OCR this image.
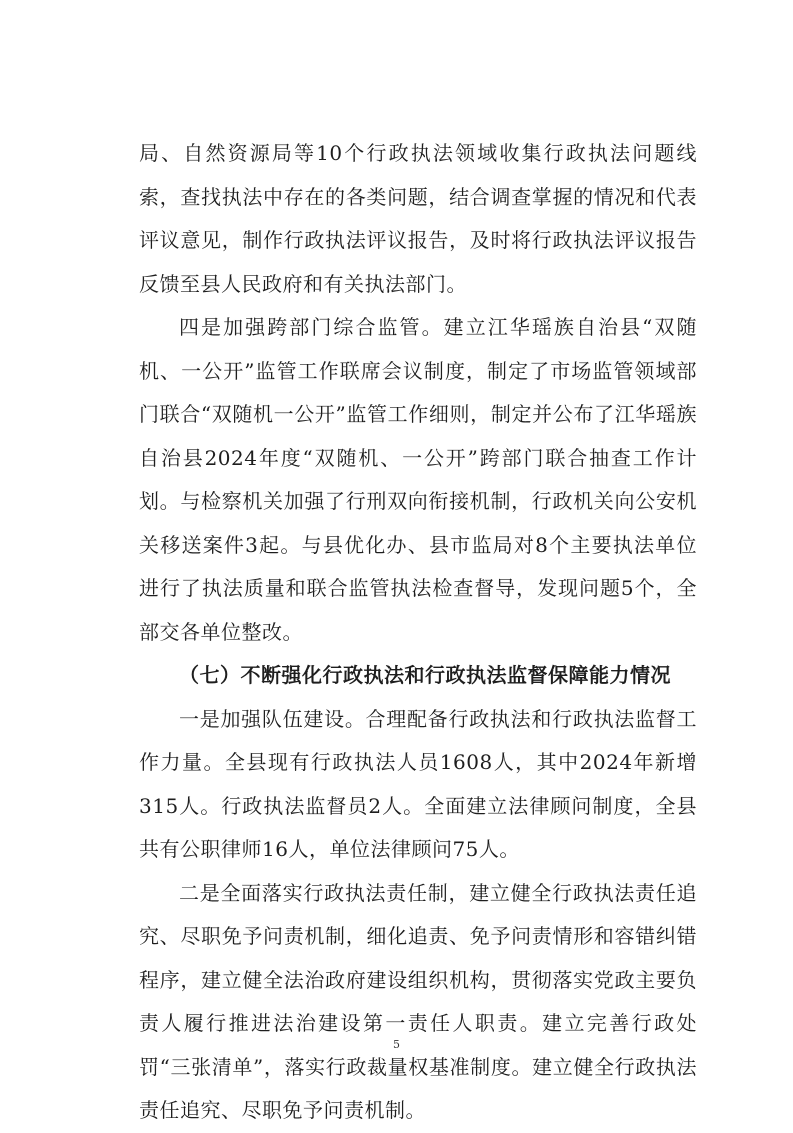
局、自然资源局等10个行政执法领域收集行政执法问题线索，查找执法中存在的各类问题，结合调查掌握的情况和代表评议意见，制作行政执法评议报告，及时将行政执法评议报告反馈至县人民政府和有关执法部门。

四是加强跨部门综合监管。建立江华瑶族自治县“双随机、一公开”监管工作联席会议制度，制定了市场监管领域部门联合“双随机一公开”监管工作细则，制定并公布了江华瑶族自治县2024年度“双随机、一公开”跨部门联合抽查工作计划。与检察机关加强了行刑双向衔接机制，行政机关向公安机关移送案件3起。与县优化办、县市监局对8个主要执法单位进行了执法质量和联合监管执法检查督导，发现问题5个，全部交各单位整改。

（七）不断强化行政执法和行政执法监督保障能力情况

一是加强队伍建设。合理配备行政执法和行政执法监督工作力量。全县现有行政执法人员1608人，其中2024年新增315人。行政执法监督员2人。全面建立法律顾问制度，全县共有公职律师16人，单位法律顾问75人。

二是全面落实行政执法责任制，建立健全行政执法责任追究、尽职免予问责机制，细化追责、免予问责情形和容错纠错程序，建立健全法治政府建设组织机构，贯彻落实党政主要负责人履行推进法治建设第一责任人职责。建立完善行政处罚“三张清单”，落实行政裁量权基准制度。建立健全行政执法责任追究、尽职免予问责机制。

5
